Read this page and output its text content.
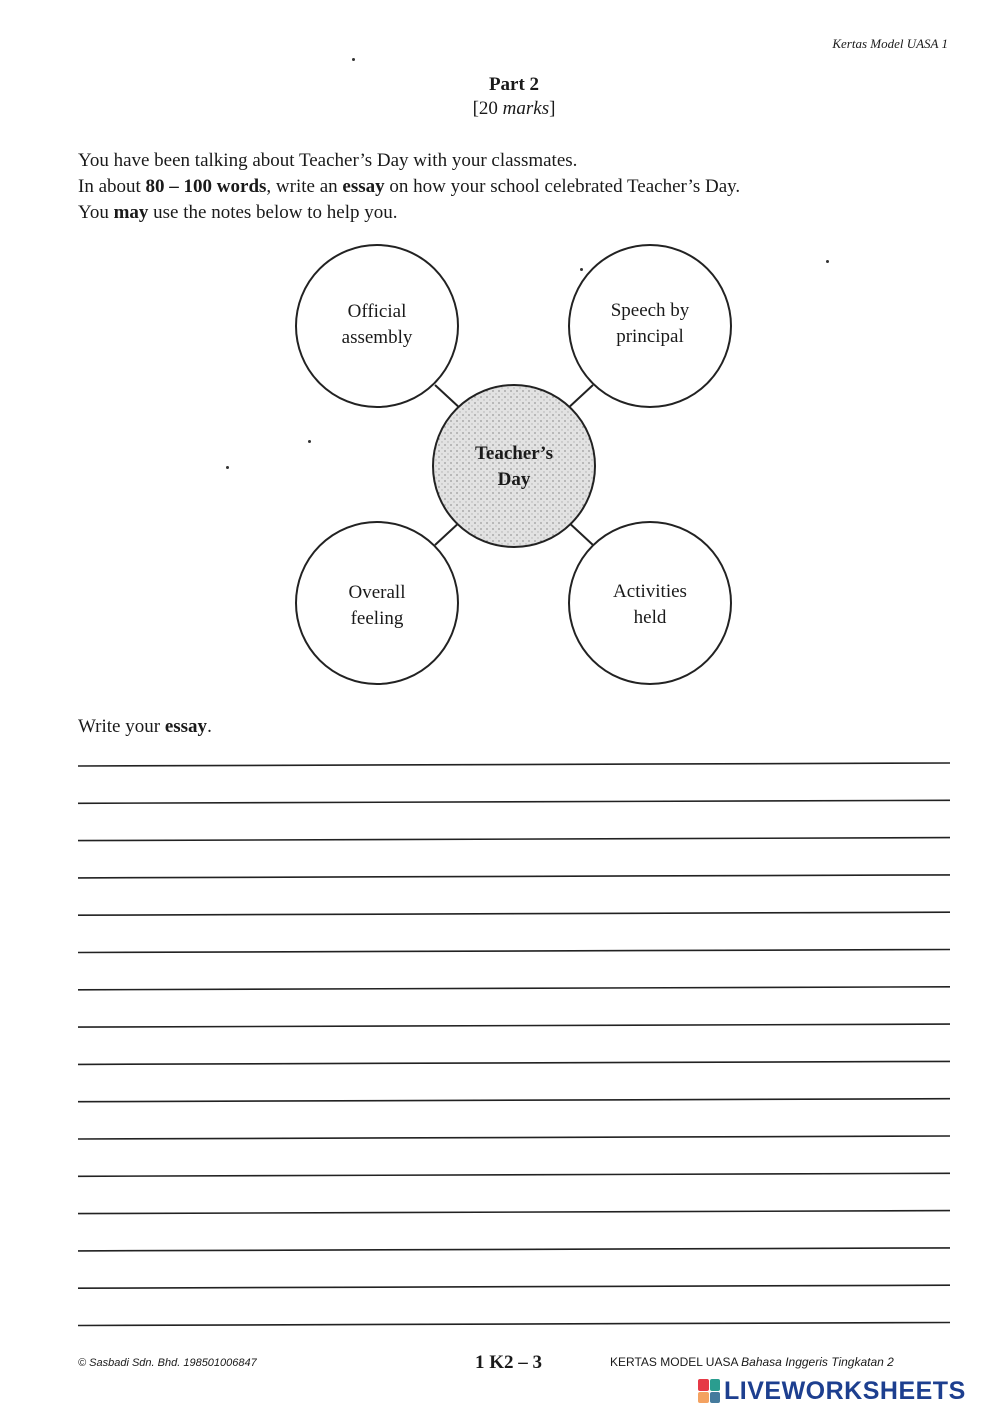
Kertas Model UASA 1
Part 2
[20 marks]
You have been talking about Teacher’s Day with your classmates.
In about 80 – 100 words, write an essay on how your school celebrated Teacher’s Day.
You may use the notes below to help you.
Official
assembly
Speech by
principal
Teacher’s
Day
Overall
feeling
Activities
held
Write your essay.
© Sasbadi Sdn. Bhd. 198501006847	1 K2 – 3	KERTAS MODEL UASA Bahasa Inggeris Tingkatan 2
LIVEWORKSHEETS
